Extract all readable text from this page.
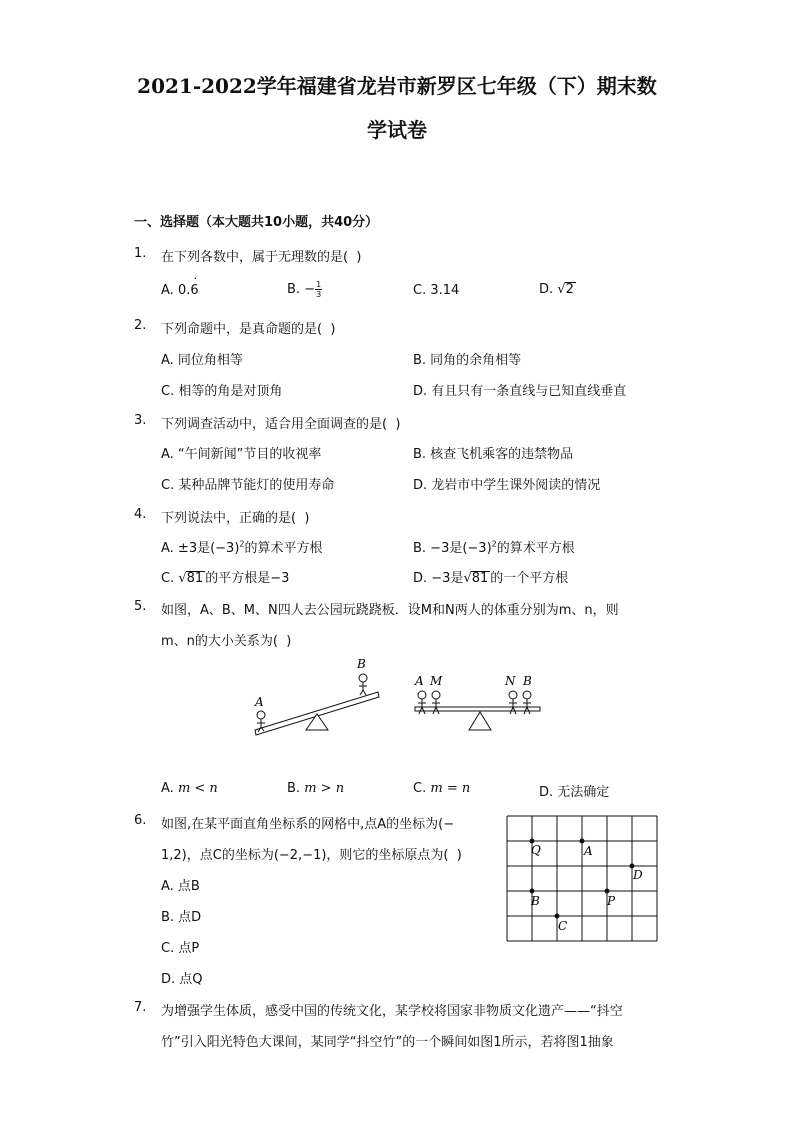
2021-2022学年福建省龙岩市新罗区七年级（下）期末数
学试卷
一、选择题（本大题共10小题，共40分）
1. 在下列各数中，属于无理数的是(  )
A. 0.6 ˙	B. − $\frac{1}{3}$	C. 3.14	D. √2
2. 下列命题中，是真命题的是(  )
A. 同位角相等	B. 同角的余角相等
C. 相等的角是对顶角	D. 有且只有一条直线与已知直线垂直
3. 下列调查活动中，适合用全面调查的是(  )
A. “午间新闻”节目的收视率	B. 核查飞机乘客的违禁物品
C. 某种品牌节能灯的使用寿命	D. 龙岩市中学生课外阅读的情况
4. 下列说法中，正确的是(  )
A. ±3是$(-3)^2$的算术平方根	B. −3是$(-3)^2$的算术平方根
C. √81 的平方根是−3	D. −3是√81 的一个平方根
5. 如图，A、B、M、N四人去公园玩跷跷板．设M和N两人的体重分别为m、n，则
m、n的大小关系为(  )
A
B
A M	N B
A. m < n	B. m > n	C. m = n	D. 无法确定
6. 如图,在某平面直角坐标系的网格中,点A的坐标为(−
1,2)，点C的坐标为(−2,−1)，则它的坐标原点为(  )
A. 点B
B. 点D
C. 点P
D. 点Q
Q	A
D
B	P
C
7. 为增强学生体质，感受中国的传统文化，某学校将国家非物质文化遗产——“抖空
竹”引入阳光特色大课间，某同学“抖空竹”的一个瞬间如图1所示，若将图1抽象
